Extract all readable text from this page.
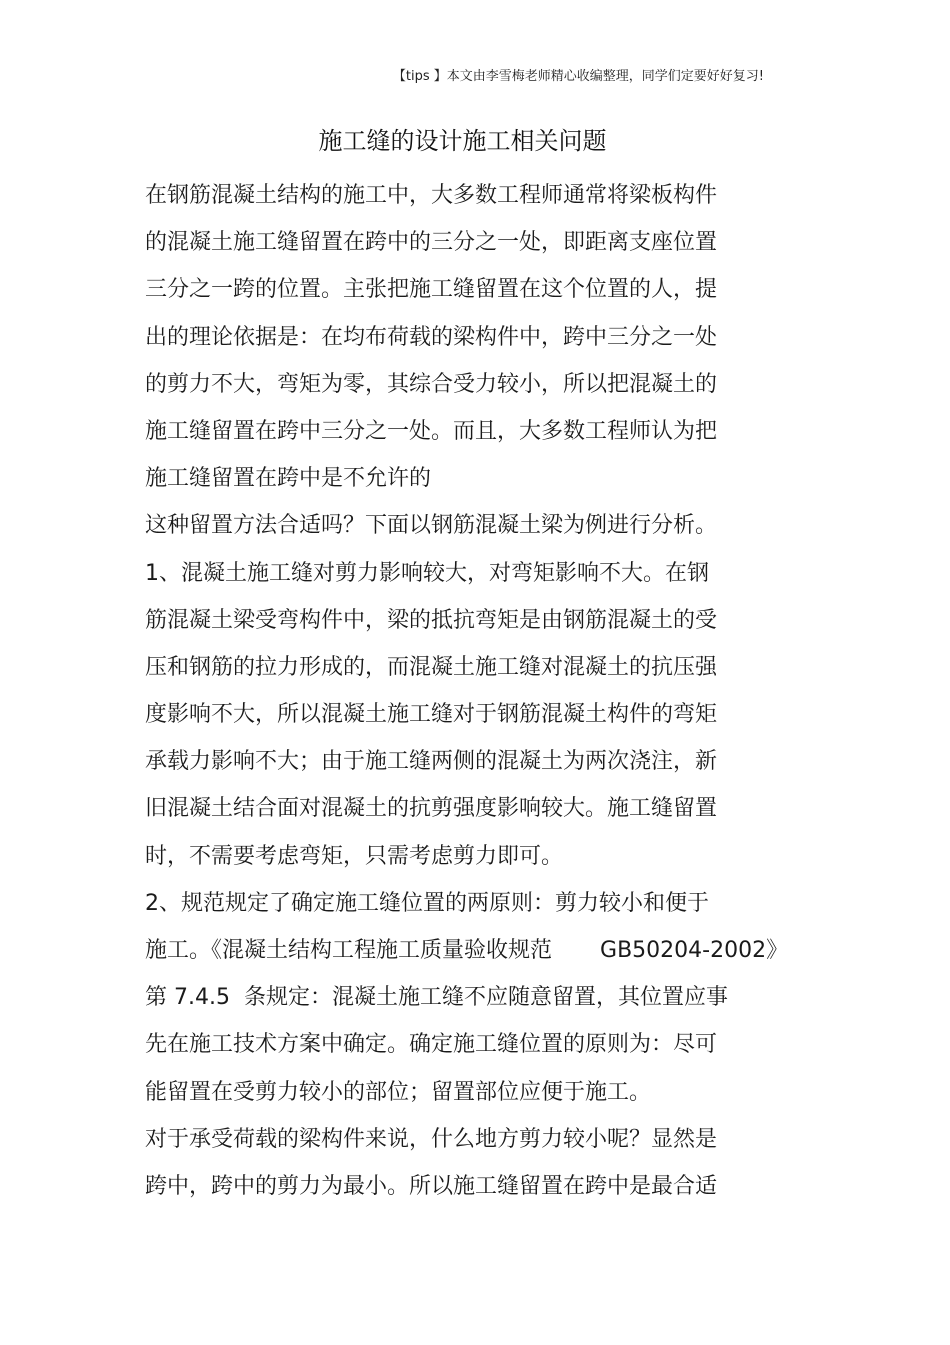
【tips 】本文由李雪梅老师精心收编整理，同学们定要好好复习!
施工缝的设计施工相关问题
在钢筋混凝土结构的施工中，大多数工程师通常将梁板构件
的混凝土施工缝留置在跨中的三分之一处，即距离支座位置
三分之一跨的位置。主张把施工缝留置在这个位置的人，提
出的理论依据是：在均布荷载的梁构件中，跨中三分之一处
的剪力不大，弯矩为零，其综合受力较小，所以把混凝土的
施工缝留置在跨中三分之一处。而且，大多数工程师认为把
施工缝留置在跨中是不允许的
这种留置方法合适吗？下面以钢筋混凝土梁为例进行分析。
1、混凝土施工缝对剪力影响较大，对弯矩影响不大。在钢
筋混凝土梁受弯构件中，梁的抵抗弯矩是由钢筋混凝土的受
压和钢筋的拉力形成的，而混凝土施工缝对混凝土的抗压强
度影响不大，所以混凝土施工缝对于钢筋混凝土构件的弯矩
承载力影响不大；由于施工缝两侧的混凝土为两次浇注，新
旧混凝土结合面对混凝土的抗剪强度影响较大。施工缝留置
时，不需要考虑弯矩，只需考虑剪力即可。
2、规范规定了确定施工缝位置的两原则：剪力较小和便于
施工。《混凝土结构工程施工质量验收规范 GB50204-2002》
第 7.4.5 条规定：混凝土施工缝不应随意留置，其位置应事
先在施工技术方案中确定。确定施工缝位置的原则为：尽可
能留置在受剪力较小的部位；留置部位应便于施工。
对于承受荷载的梁构件来说，什么地方剪力较小呢？显然是
跨中，跨中的剪力为最小。所以施工缝留置在跨中是最合适
